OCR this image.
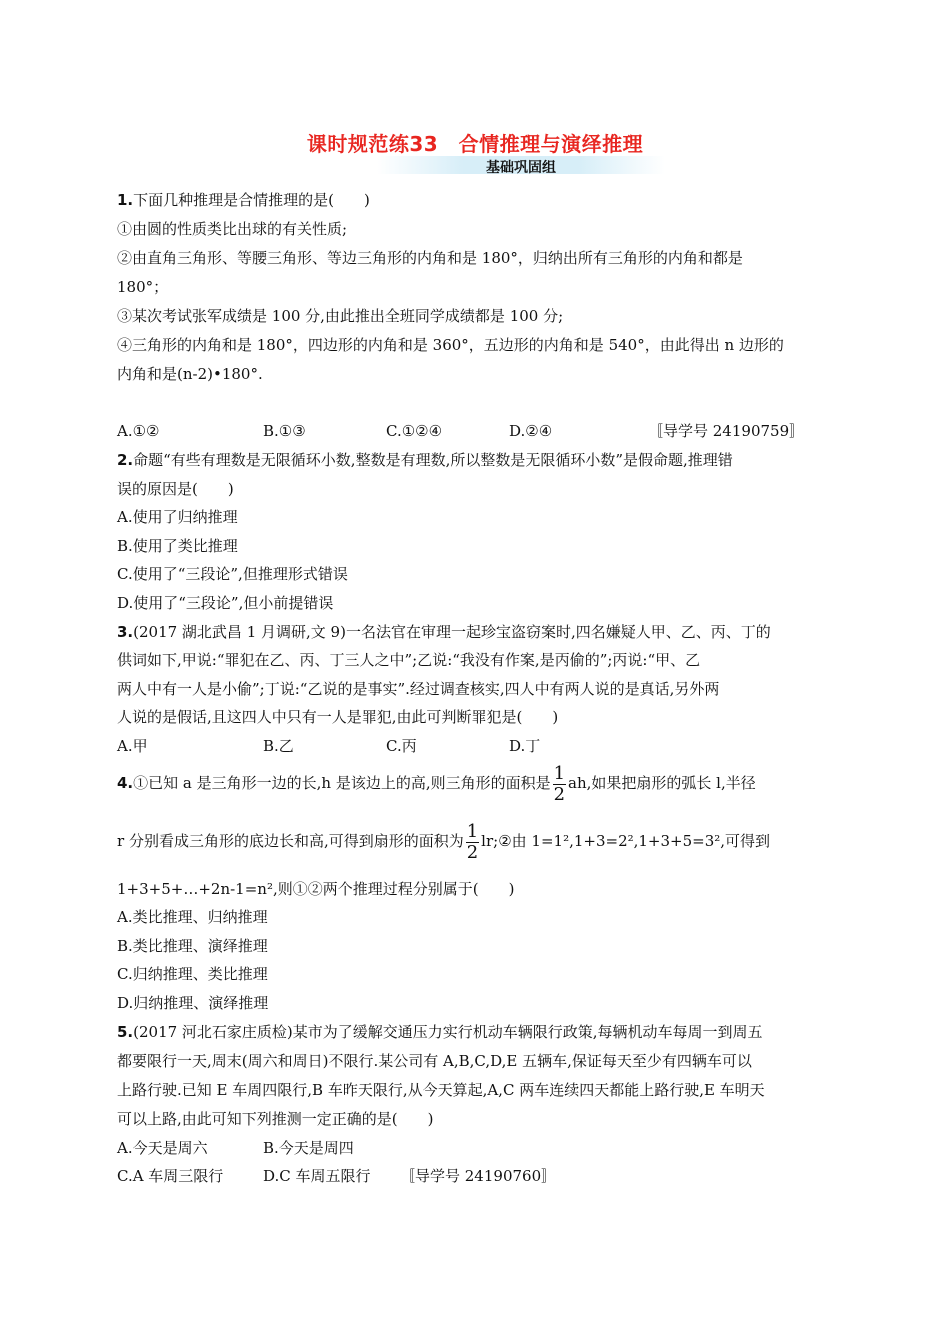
课时规范练33　合情推理与演绎推理
基础巩固组
1.下面几种推理是合情推理的是(　　)
①由圆的性质类比出球的有关性质;
②由直角三角形、等腰三角形、等边三角形的内角和是 180°，归纳出所有三角形的内角和都是
180°；
③某次考试张军成绩是 100 分,由此推出全班同学成绩都是 100 分;
④三角形的内角和是 180°，四边形的内角和是 360°，五边形的内角和是 540°，由此得出 n 边形的
内角和是(n-2)•180°.
A.①②	B.①③	C.①②④	D.②④	〚导学号 24190759〛
2.命题“有些有理数是无限循环小数,整数是有理数,所以整数是无限循环小数”是假命题,推理错
误的原因是(　　)
A.使用了归纳推理
B.使用了类比推理
C.使用了“三段论”,但推理形式错误
D.使用了“三段论”,但小前提错误
3.(2017 湖北武昌 1 月调研,文 9)一名法官在审理一起珍宝盗窃案时,四名嫌疑人甲、乙、丙、丁的
供词如下,甲说:“罪犯在乙、丙、丁三人之中”;乙说:“我没有作案,是丙偷的”;丙说:“甲、乙
两人中有一人是小偷”;丁说:“乙说的是事实”.经过调查核实,四人中有两人说的是真话,另外两
人说的是假话,且这四人中只有一人是罪犯,由此可判断罪犯是(　　)
A.甲	B.乙	C.丙	D.丁
4.①已知 a 是三角形一边的长,h 是该边上的高,则三角形的面积是 $\frac{1}{2}$ ah,如果把扇形的弧长 l,半径
r 分别看成三角形的底边长和高,可得到扇形的面积为 $\frac{1}{2}$ lr;②由 1=1²,1+3=2²,1+3+5=3²,可得到
1+3+5+…+2n-1=n²,则①②两个推理过程分别属于(　　)
A.类比推理、归纳推理
B.类比推理、演绎推理
C.归纳推理、类比推理
D.归纳推理、演绎推理
5.(2017 河北石家庄质检)某市为了缓解交通压力实行机动车辆限行政策,每辆机动车每周一到周五
都要限行一天,周末(周六和周日)不限行.某公司有 A,B,C,D,E 五辆车,保证每天至少有四辆车可以
上路行驶.已知 E 车周四限行,B 车昨天限行,从今天算起,A,C 两车连续四天都能上路行驶,E 车明天
可以上路,由此可知下列推测一定正确的是(　　)
A.今天是周六	B.今天是周四
C.A 车周三限行	D.C 车周五限行 〚导学号 24190760〛
